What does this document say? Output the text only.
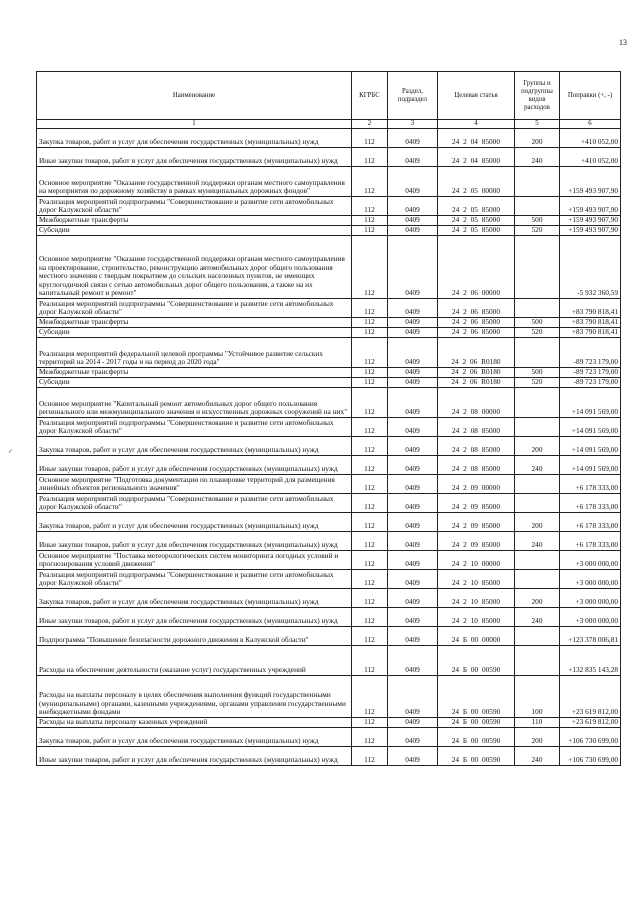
13
✓
Наименование	КГРБС	Раздел, подраздел	Целевая статья	Группы и подгруппы видов расходов	Поправки (+, -)
1	2	3	4	5	6
Закупка товаров, работ и услуг для обеспечения государственных (муниципальных) нужд	112	0409	24 2 04 85000	200	+410 052,00
Иные закупки товаров, работ и услуг для обеспечения государственных (муниципальных) нужд	112	0409	24 2 04 85000	240	+410 052,00
Основное мероприятие "Оказание государственной поддержки органам местного самоуправления на мероприятия по дорожному хозяйству в рамках муниципальных дорожных фондов"	112	0409	24 2 05 00000		+159 493 907,90
Реализация мероприятий подпрограммы "Совершенствование и развитие сети автомобильных дорог Калужской области"	112	0409	24 2 05 85000		+159 493 907,90
Межбюджетные трансферты	112	0409	24 2 05 85000	500	+159 493 907,90
Субсидии	112	0409	24 2 05 85000	520	+159 493 907,90
Основное мероприятие "Оказание государственной поддержки органам местного самоуправления на проектирование, строительство, реконструкцию автомобильных дорог общего пользования местного значения с твердым покрытием до сельских населенных пунктов, не имеющих круглогодичной связи с сетью автомобильных дорог общего пользования, а также на их капитальный ремонт и ремонт"	112	0409	24 2 06 00000		-5 932 360,59
Реализация мероприятий подпрограммы "Совершенствование и развитие сети автомобильных дорог Калужской области"	112	0409	24 2 06 85000		+83 790 818,41
Межбюджетные трансферты	112	0409	24 2 06 85000	500	+83 790 818,41
Субсидии	112	0409	24 2 06 85000	520	+83 790 818,41
Реализация мероприятий федеральной целевой программы "Устойчивое развитие сельских территорий на 2014 - 2017 годы и на период до 2020 года"	112	0409	24 2 06 R0180		-89 723 179,00
Межбюджетные трансферты	112	0409	24 2 06 R0180	500	-89 723 179,00
Субсидии	112	0409	24 2 06 R0180	520	-89 723 179,00
Основное мероприятие "Капитальный ремонт автомобильных дорог общего пользования регионального или межмуниципального значения и искусственных дорожных сооружений на них"	112	0409	24 2 08 00000		+14 091 569,00
Реализация мероприятий подпрограммы "Совершенствование и развитие сети автомобильных дорог Калужской области"	112	0409	24 2 08 85000		+14 091 569,00
Закупка товаров, работ и услуг для обеспечения государственных (муниципальных) нужд	112	0409	24 2 08 85000	200	+14 091 569,00
Иные закупки товаров, работ и услуг для обеспечения государственных (муниципальных) нужд	112	0409	24 2 08 85000	240	+14 091 569,00
Основное мероприятие "Подготовка документации по планировке территорий для размещения линейных объектов регионального значения"	112	0409	24 2 09 00000		+6 178 333,00
Реализация мероприятий подпрограммы "Совершенствование и развитие сети автомобильных дорог Калужской области"	112	0409	24 2 09 85000		+6 178 333,00
Закупка товаров, работ и услуг для обеспечения государственных (муниципальных) нужд	112	0409	24 2 09 85000	200	+6 178 333,00
Иные закупки товаров, работ и услуг для обеспечения государственных (муниципальных) нужд	112	0409	24 2 09 85000	240	+6 178 333,00
Основное мероприятие "Поставка метеорологических систем мониторинга погодных условий и прогнозирования условий движения"	112	0409	24 2 10 00000		+3 000 000,00
Реализация мероприятий подпрограммы "Совершенствование и развитие сети автомобильных дорог Калужской области"	112	0409	24 2 10 85000		+3 000 000,00
Закупка товаров, работ и услуг для обеспечения государственных (муниципальных) нужд	112	0409	24 2 10 85000	200	+3 000 000,00
Иные закупки товаров, работ и услуг для обеспечения государственных (муниципальных) нужд	112	0409	24 2 10 85000	240	+3 000 000,00
Подпрограмма "Повышение безопасности дорожного движения в Калужской области"	112	0409	24 Б 00 00000		+123 378 006,81
Расходы на обеспечение деятельности (оказание услуг) государственных учреждений	112	0409	24 Б 00 00590		+132 835 143,28
Расходы на выплаты персоналу в целях обеспечения выполнения функций государственными (муниципальными) органами, казенными учреждениями, органами управления государственными внебюджетными фондами	112	0409	24 Б 00 00590	100	+23 619 812,00
Расходы на выплаты персоналу казенных учреждений	112	0409	24 Б 00 00590	110	+23 619 812,00
Закупка товаров, работ и услуг для обеспечения государственных (муниципальных) нужд	112	0409	24 Б 00 00590	200	+106 730 699,00
Иные закупки товаров, работ и услуг для обеспечения государственных (муниципальных) нужд	112	0409	24 Б 00 00590	240	+106 730 699,00
